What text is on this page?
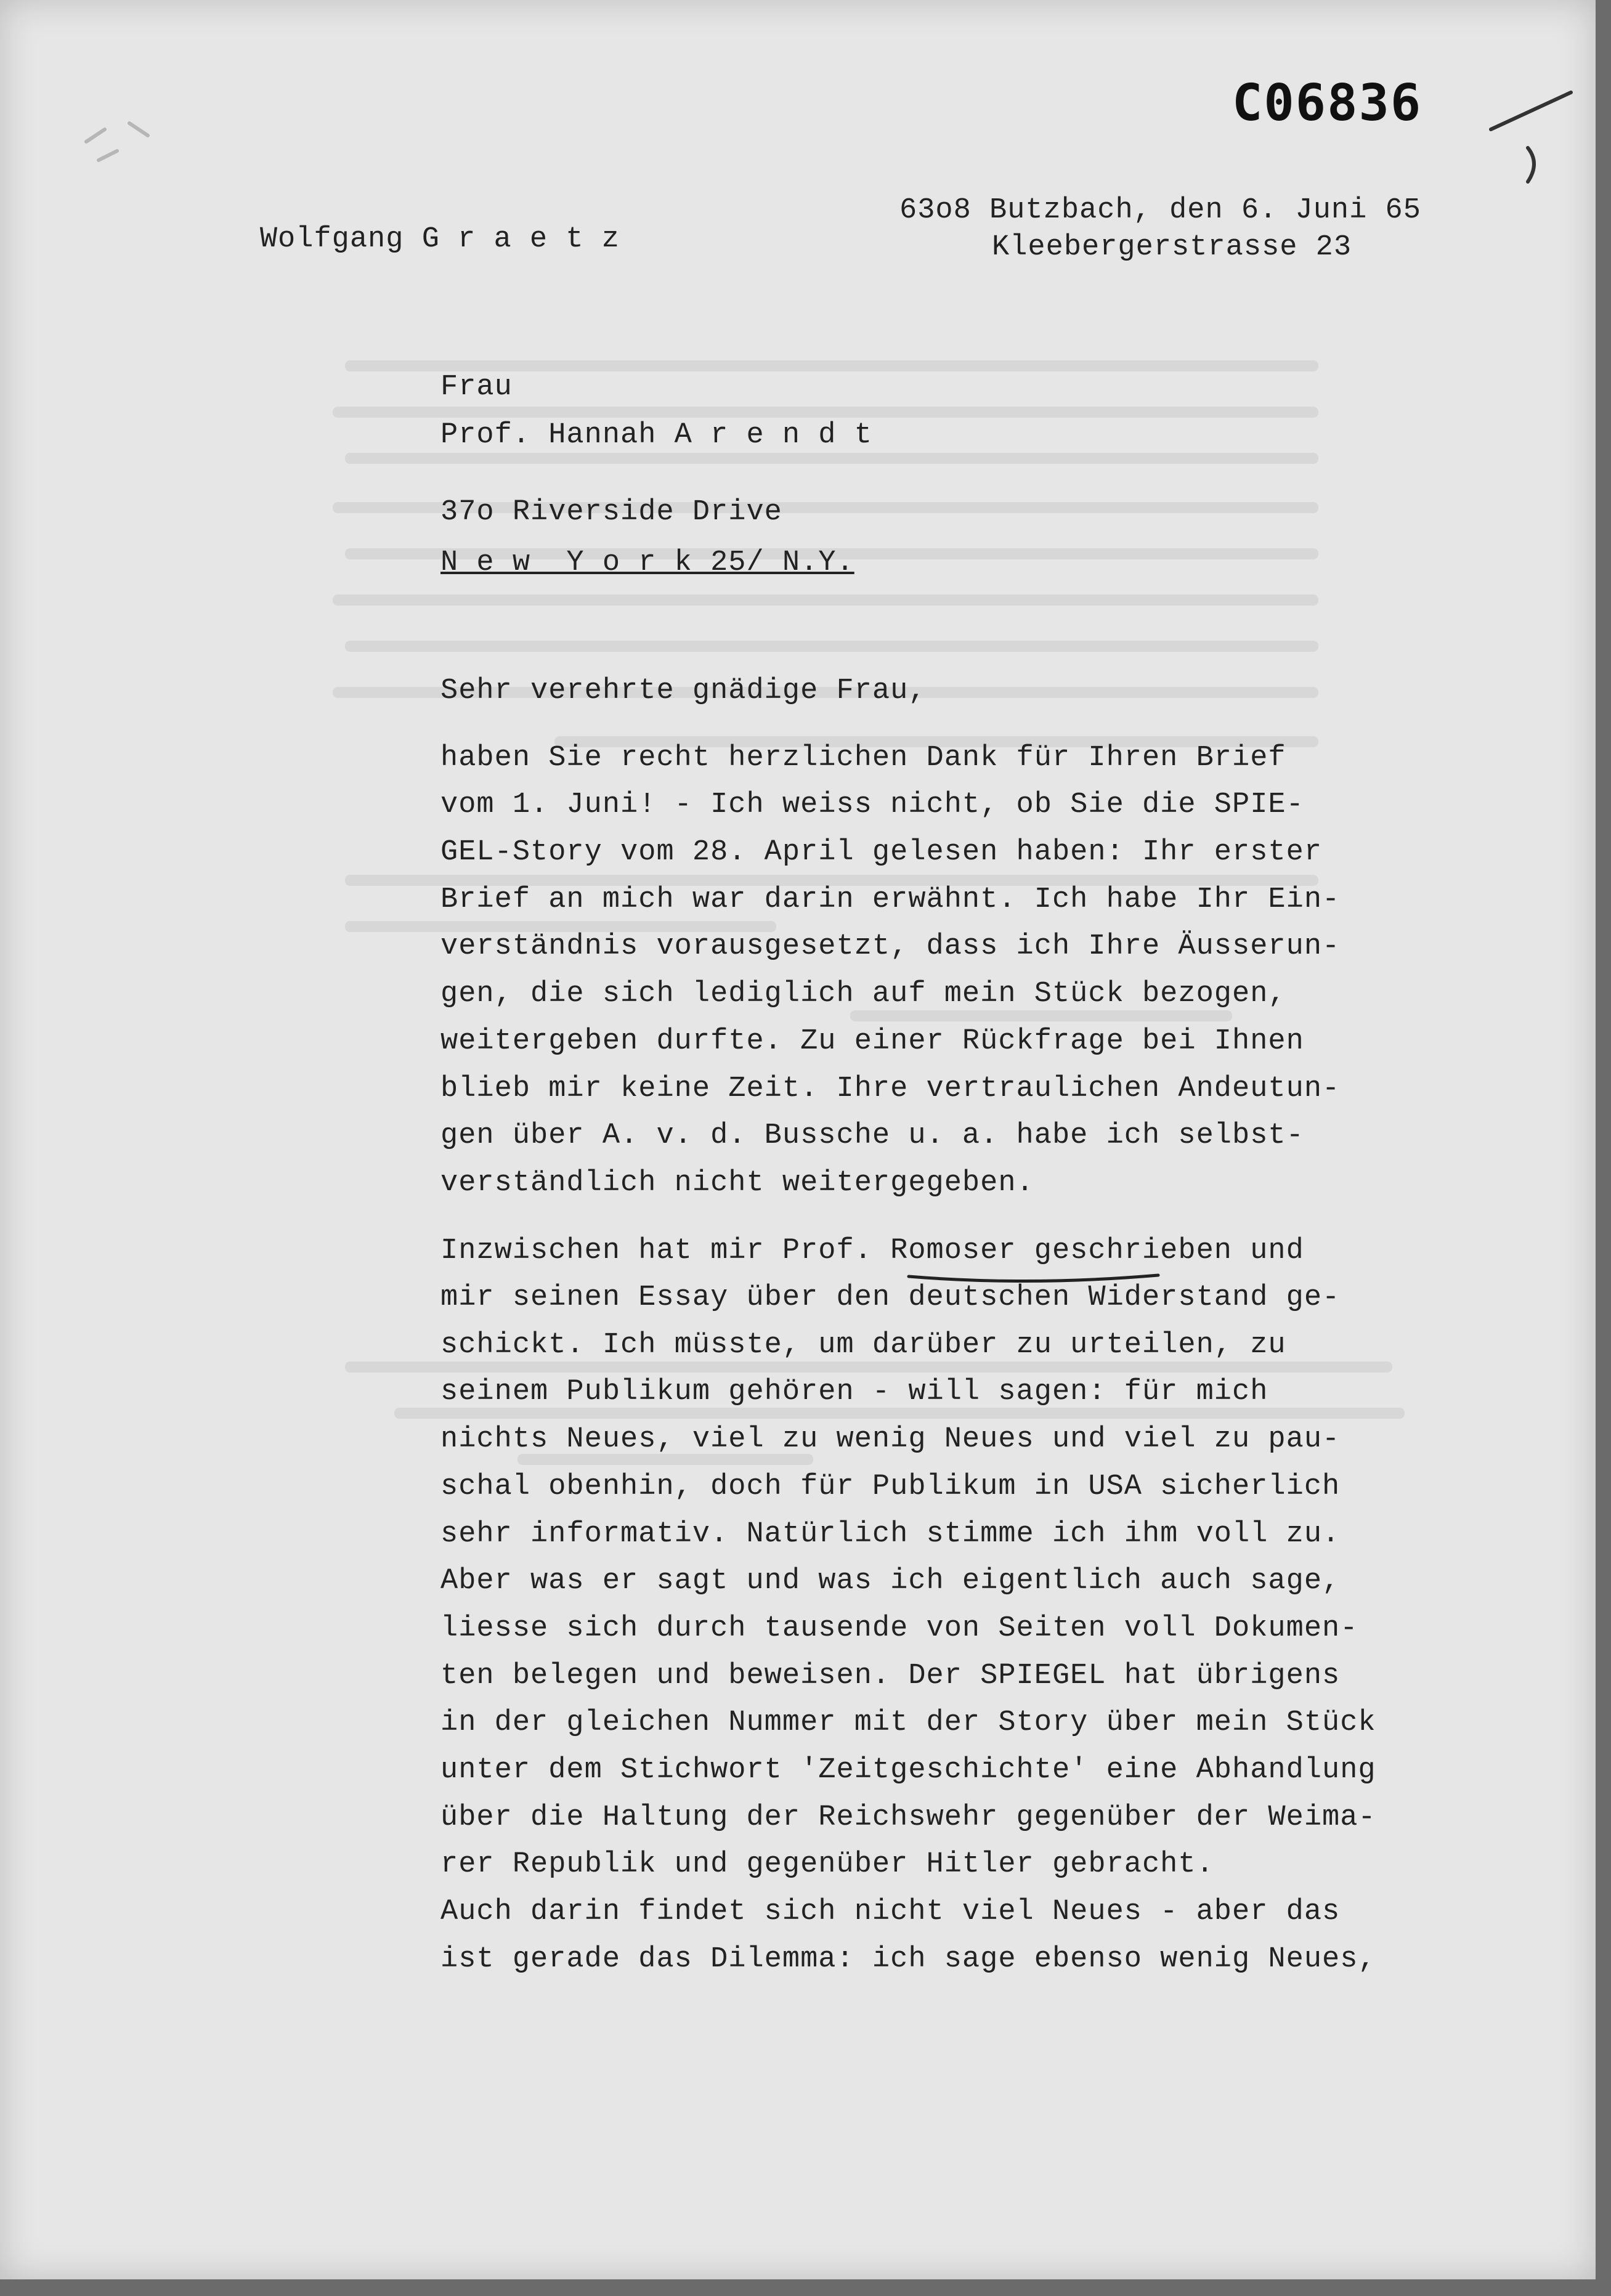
C06836

Wolfgang G r a e t z

63o8 Butzbach, den 6. Juni 65
Kleebergerstrasse 23
Frau
Prof. Hannah A r e n d t
37o Riverside Drive
N e w  Y o r k 25/ N.Y.
Sehr verehrte gnädige Frau,
haben Sie recht herzlichen Dank für Ihren Brief
vom 1. Juni! - Ich weiss nicht, ob Sie die SPIE-
GEL-Story vom 28. April gelesen haben: Ihr erster
Brief an mich war darin erwähnt. Ich habe Ihr Ein-
verständnis vorausgesetzt, dass ich Ihre Äusserun-
gen, die sich lediglich auf mein Stück bezogen,
weitergeben durfte. Zu einer Rückfrage bei Ihnen
blieb mir keine Zeit. Ihre vertraulichen Andeutun-
gen über A. v. d. Bussche u. a. habe ich selbst-
verständlich nicht weitergegeben.
Inzwischen hat mir Prof. Romoser geschrieben und
mir seinen Essay über den deutschen Widerstand ge-
schickt. Ich müsste, um darüber zu urteilen, zu
seinem Publikum gehören - will sagen: für mich
nichts Neues, viel zu wenig Neues und viel zu pau-
schal obenhin, doch für Publikum in USA sicherlich
sehr informativ. Natürlich stimme ich ihm voll zu.
Aber was er sagt und was ich eigentlich auch sage,
liesse sich durch tausende von Seiten voll Dokumen-
ten belegen und beweisen. Der SPIEGEL hat übrigens
in der gleichen Nummer mit der Story über mein Stück
unter dem Stichwort 'Zeitgeschichte' eine Abhandlung
über die Haltung der Reichswehr gegenüber der Weima-
rer Republik und gegenüber Hitler gebracht.
Auch darin findet sich nicht viel Neues - aber das
ist gerade das Dilemma: ich sage ebenso wenig Neues,
